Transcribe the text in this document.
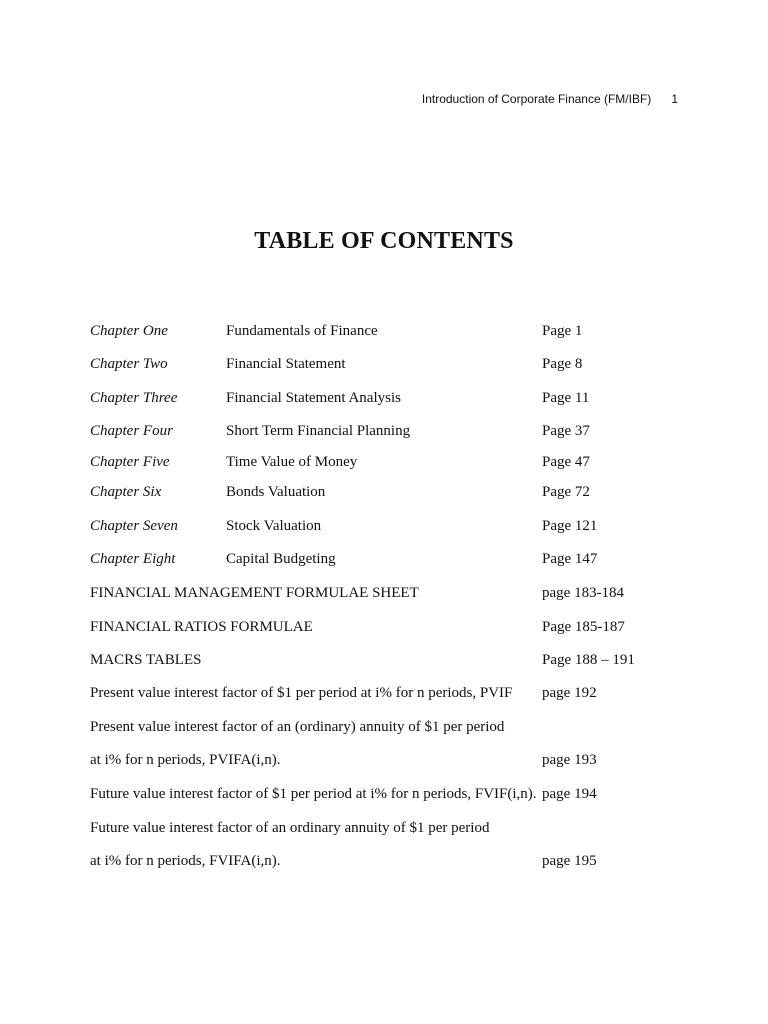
Introduction of Corporate Finance (FM/IBF) 1
TABLE OF CONTENTS
Chapter One	Fundamentals of Finance	Page 1
Chapter Two	Financial Statement	Page 8
Chapter Three	Financial Statement Analysis	Page 11
Chapter Four	Short Term Financial Planning	Page 37
Chapter Five	Time Value of Money	Page 47
Chapter Six	Bonds Valuation	Page 72
Chapter Seven	Stock Valuation	Page 121
Chapter Eight	Capital Budgeting	Page 147
FINANCIAL MANAGEMENT FORMULAE SHEET	page 183-184
FINANCIAL RATIOS FORMULAE	Page 185-187
MACRS TABLES	Page 188 – 191
Present value interest factor of $1 per period at i% for n periods, PVIF page 192
Present value interest factor of an (ordinary) annuity of $1 per period
at i% for n periods, PVIFA(i,n).	page 193
Future value interest factor of $1 per period at i% for n periods, FVIF(i,n). page 194
Future value interest factor of an ordinary annuity of $1 per period
at i% for n periods, FVIFA(i,n).	page 195
